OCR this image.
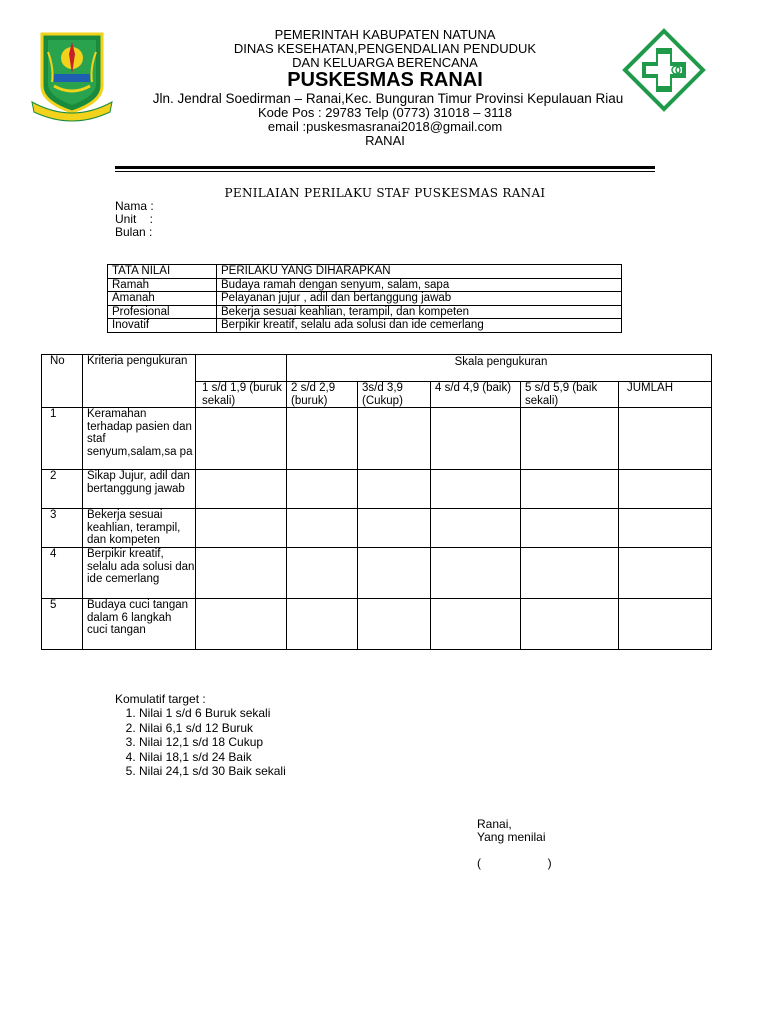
PEMERINTAH KABUPATEN NATUNA
DINAS KESEHATAN,PENGENDALIAN PENDUDUK
DAN KELUARGA BERENCANA
PUSKESMAS RANAI
Jln. Jendral Soedirman – Ranai,Kec. Bunguran Timur Provinsi Kepulauan Riau
Kode Pos : 29783 Telp (0773) 31018 – 3118
email :puskesmasranai2018@gmail.com
RANAI
PENILAIAN PERILAKU STAF PUSKESMAS RANAI
Nama :
Unit    :
Bulan :
TATA NILAI	PERILAKU YANG DIHARAPKAN
Ramah	Budaya ramah dengan senyum, salam, sapa
Amanah	Pelayanan jujur , adil dan bertanggung jawab
Profesional	Bekerja sesuai keahlian, terampil, dan kompeten
Inovatif	Berpikir kreatif, selalu ada solusi dan ide cemerlang
No	Kriteria pengukuran		Skala pengukuran				
		1 s/d 1,9 (buruk sekali)	2 s/d 2,9 (buruk)	3s/d 3,9 (Cukup)	4 s/d 4,9 (baik)	5 s/d 5,9 (baik sekali)	JUMLAH
1	Keramahan terhadap pasien dan staf senyum,salam,sa pa						
2	Sikap Jujur, adil dan bertanggung jawab						
3	Bekerja sesuai keahlian, terampil, dan kompeten						
4	Berpikir kreatif, selalu ada solusi dan ide cemerlang						
5	Budaya cuci tangan dalam 6 langkah cuci tangan						
Komulatif target :
1. Nilai 1 s/d 6 Buruk sekali
2. Nilai 6,1 s/d 12 Buruk
3. Nilai 12,1 s/d 18 Cukup
4. Nilai 18,1 s/d 24 Baik
5. Nilai 24,1 s/d 30 Baik sekali
Ranai,
Yang menilai
(                    )
